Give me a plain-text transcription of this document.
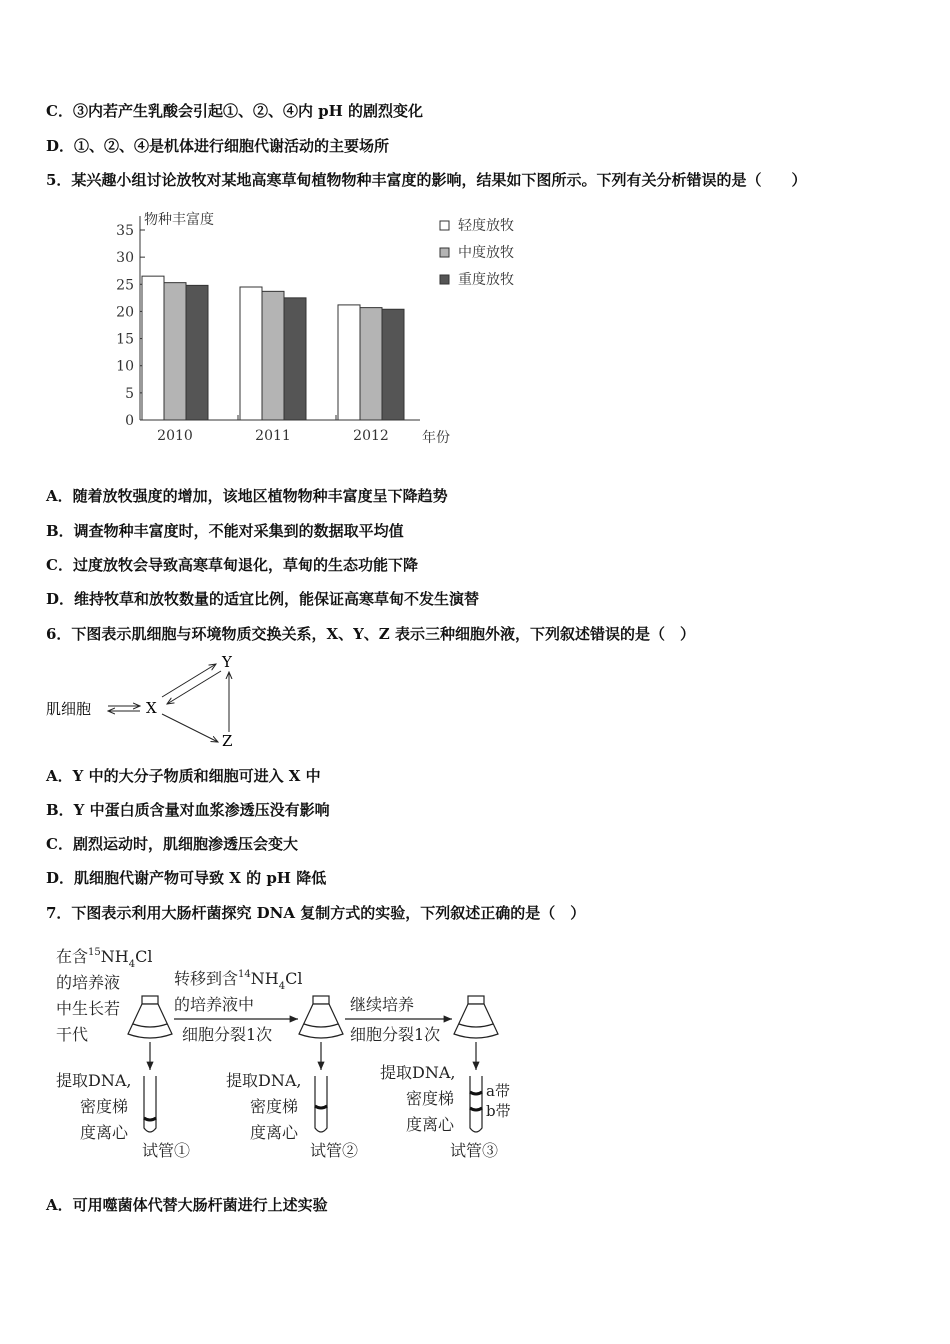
C．③内若产生乳酸会引起①、②、④内 pH 的剧烈变化
D．①、②、④是机体进行细胞代谢活动的主要场所
5．某兴趣小组讨论放牧对某地高寒草甸植物物种丰富度的影响，结果如下图所示。下列有关分析错误的是（　　）
0
5
10
15
20
25
30
35
物种丰富度
年份
2010	2011	2012
轻度放牧
中度放牧
重度放牧
A．随着放牧强度的增加，该地区植物物种丰富度呈下降趋势
B．调查物种丰富度时，不能对采集到的数据取平均值
C．过度放牧会导致高寒草甸退化，草甸的生态功能下降
D．维持牧草和放牧数量的适宜比例，能保证高寒草甸不发生演替
6．下图表示肌细胞与环境物质交换关系，X、Y、Z 表示三种细胞外液，下列叙述错误的是（　）
肌细胞	X
Y
Z
A．Y 中的大分子物质和细胞可进入 X 中
B．Y 中蛋白质含量对血浆渗透压没有影响
C．剧烈运动时，肌细胞渗透压会变大
D．肌细胞代谢产物可导致 X 的 pH 降低
7．下图表示利用大肠杆菌探究 DNA 复制方式的实验，下列叙述正确的是（　）
在含$^{15}NH_4Cl$
的培养液
中生长若
干代
转移到含$^{14}NH_4Cl$
的培养液中
细胞分裂1次
继续培养
细胞分裂1次
提取DNA,
密度梯
度离心
提取DNA,
密度梯
度离心
提取DNA,
密度梯
度离心
试管①	试管②	试管③
a带
b带
A．可用噬菌体代替大肠杆菌进行上述实验
